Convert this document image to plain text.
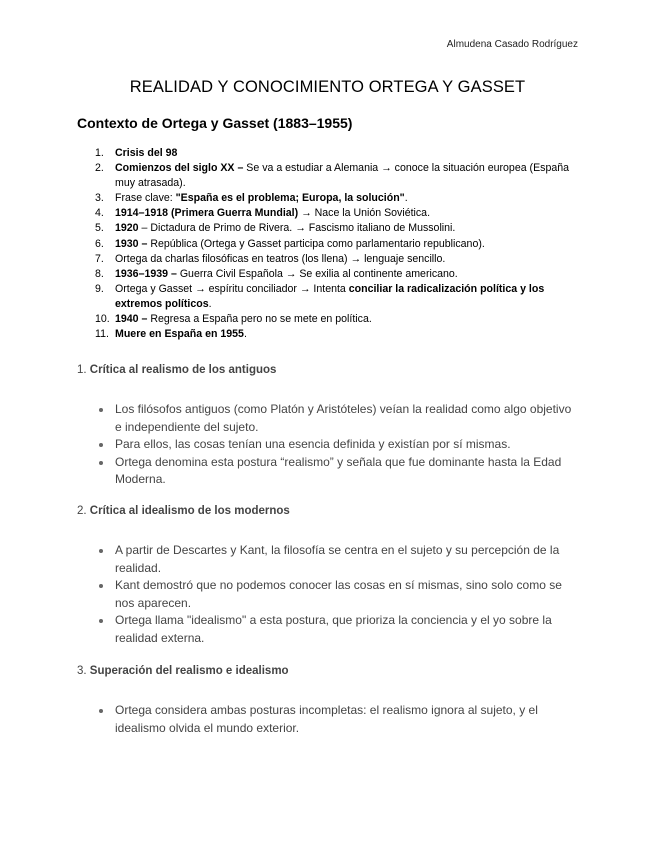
Almudena Casado Rodríguez
REALIDAD Y CONOCIMIENTO ORTEGA Y GASSET
Contexto de Ortega y Gasset (1883–1955)
1. Crisis del 98
2. Comienzos del siglo XX – Se va a estudiar a Alemania → conoce la situación europea (España muy atrasada).
3. Frase clave: "España es el problema; Europa, la solución".
4. 1914–1918 (Primera Guerra Mundial) → Nace la Unión Soviética.
5. 1920 – Dictadura de Primo de Rivera. → Fascismo italiano de Mussolini.
6. 1930 – República (Ortega y Gasset participa como parlamentario republicano).
7. Ortega da charlas filosóficas en teatros (los llena) → lenguaje sencillo.
8. 1936–1939 – Guerra Civil Española → Se exilia al continente americano.
9. Ortega y Gasset → espíritu conciliador → Intenta conciliar la radicalización política y los extremos políticos.
10. 1940 – Regresa a España pero no se mete en política.
11. Muere en España en 1955.
1. Crítica al realismo de los antiguos
Los filósofos antiguos (como Platón y Aristóteles) veían la realidad como algo objetivo e independiente del sujeto.
Para ellos, las cosas tenían una esencia definida y existían por sí mismas.
Ortega denomina esta postura “realismo” y señala que fue dominante hasta la Edad Moderna.
2. Crítica al idealismo de los modernos
A partir de Descartes y Kant, la filosofía se centra en el sujeto y su percepción de la realidad.
Kant demostró que no podemos conocer las cosas en sí mismas, sino solo como se nos aparecen.
Ortega llama "idealismo" a esta postura, que prioriza la conciencia y el yo sobre la realidad externa.
3. Superación del realismo e idealismo
Ortega considera ambas posturas incompletas: el realismo ignora al sujeto, y el idealismo olvida el mundo exterior.
